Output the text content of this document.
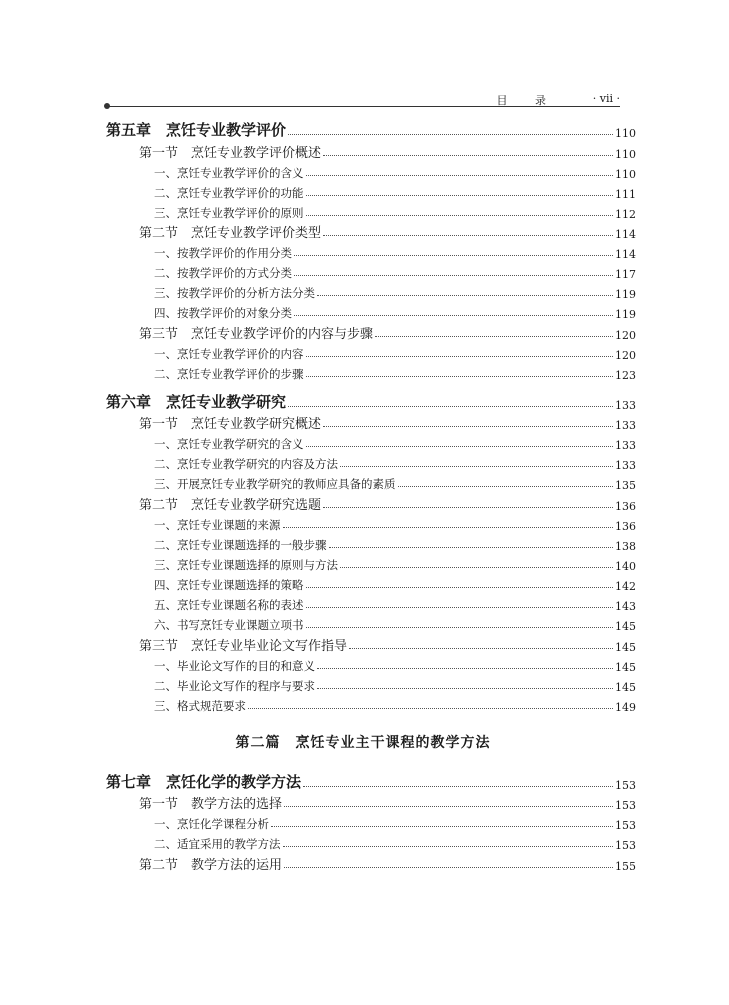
目 录	· vii ·
第五章　烹饪专业教学评价	110
第一节　烹饪专业教学评价概述	110
一、烹饪专业教学评价的含义	110
二、烹饪专业教学评价的功能	111
三、烹饪专业教学评价的原则	112
第二节　烹饪专业教学评价类型	114
一、按教学评价的作用分类	114
二、按教学评价的方式分类	117
三、按教学评价的分析方法分类	119
四、按教学评价的对象分类	119
第三节　烹饪专业教学评价的内容与步骤	120
一、烹饪专业教学评价的内容	120
二、烹饪专业教学评价的步骤	123
第六章　烹饪专业教学研究	133
第一节　烹饪专业教学研究概述	133
一、烹饪专业教学研究的含义	133
二、烹饪专业教学研究的内容及方法	133
三、开展烹饪专业教学研究的教师应具备的素质	135
第二节　烹饪专业教学研究选题	136
一、烹饪专业课题的来源	136
二、烹饪专业课题选择的一般步骤	138
三、烹饪专业课题选择的原则与方法	140
四、烹饪专业课题选择的策略	142
五、烹饪专业课题名称的表述	143
六、书写烹饪专业课题立项书	145
第三节　烹饪专业毕业论文写作指导	145
一、毕业论文写作的目的和意义	145
二、毕业论文写作的程序与要求	145
三、格式规范要求	149
第二篇　烹饪专业主干课程的教学方法
第七章　烹饪化学的教学方法	153
第一节　教学方法的选择	153
一、烹饪化学课程分析	153
二、适宜采用的教学方法	153
第二节　教学方法的运用	155
